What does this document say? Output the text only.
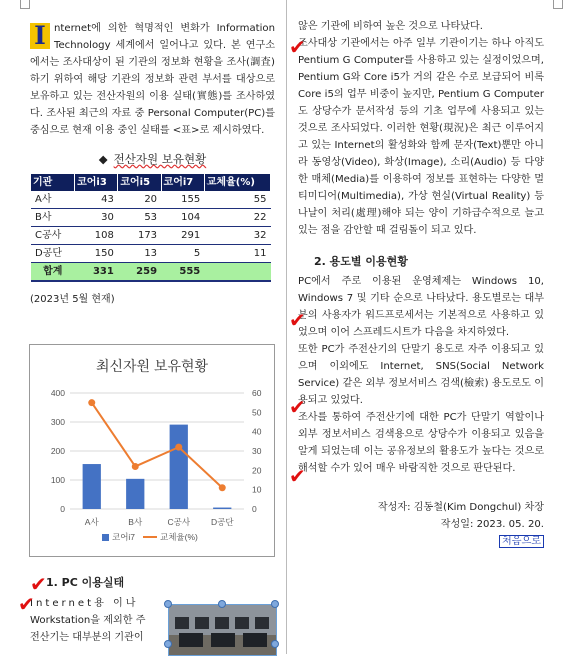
I nternet에 의한 혁명적인 변화가 Information Technology 세계에서 일어나고 있다. 본 연구소에서는 조사대상이 된 기관의 정보화 현황을 조사(調査)하기 위하여 해당 기관의 정보화 관련 부서를 대상으로 보유하고 있는 전산자원의 이용 실태(實態)를 조사하였다. 조사된 최근의 자료 중 Personal Computer(PC)를 중심으로 현재 이용 중인 실태를 <표>로 제시하였다.

◆ 전산자원 보유현황
기관	코어i3	코어i5	코어i7	교체율(%)
A사	43	20	155	55
B사	30	53	104	22
C공사	108	173	291	32
D공단	150	13	5	11
합계	331	259	555	
(2023년 5월 현재)
최신자원 보유현황
0
100
200
300
400
0
10
20
30
40
50
60
A사	B사	C공사 D공단
코어i7	교체율(%)
1. PC 이용실태
Internet용 이나
Workstation을 제외한 주
전산기는 대부분의 기관이

않은 기관에 비하여 높은 것으로 나타났다.

조사대상 기관에서는 아주 일부 기관이기는 하나 아직도 Pentium G Computer를 사용하고 있는 실정이었으며, Pentium G와 Core i5가 거의 같은 수로 보급되어 비록 Core i5의 업무 비중이 높지만, Pentium G Computer도 상당수가 문서작성 등의 기초 업무에 사용되고 있는 것으로 조사되었다. 이러한 현황(現況)은 최근 이루어지고 있는 Internet의 활성화와 함께 문자(Text)뿐만 아니라 동영상(Video), 화상(Image), 소리(Audio) 등 다양한 매체(Media)를 이용하여 정보를 표현하는 다양한 멀티미디어(Multimedia), 가상 현실(Virtual Reality) 등 나날이 처리(處理)해야 되는 양이 기하급수적으로 늘고 있는 점을 감안할 때 걸림돌이 되고 있다.

2. 용도별 이용현황

PC에서 주로 이용된 운영체제는 Windows 10, Windows 7 및 기타 순으로 나타났다. 용도별로는 대부분의 사용자가 워드프로세서는 기본적으로 사용하고 있었으며 이어 스프레드시트가 다음을 차지하였다.

또한 PC가 주전산기의 단말기 용도로 자주 이용되고 있으며 이외에도 Internet, SNS(Social Network Service) 같은 외부 정보서비스 검색(檢索) 용도로도 이용되고 있었다.

조사를 통하여 주전산기에 대한 PC가 단말기 역할이나 외부 정보서비스 검색용으로 상당수가 이용되고 있음을 알게 되었는데 이는 공유정보의 활용도가 높다는 것으로 해석할 수가 있어 매우 바람직한 것으로 판단된다.

작성자: 김동철(Kim Dongchul) 차장

작성일: 2023. 05. 20.

처음으로

✔
✔
✔
✔
✔
✔
